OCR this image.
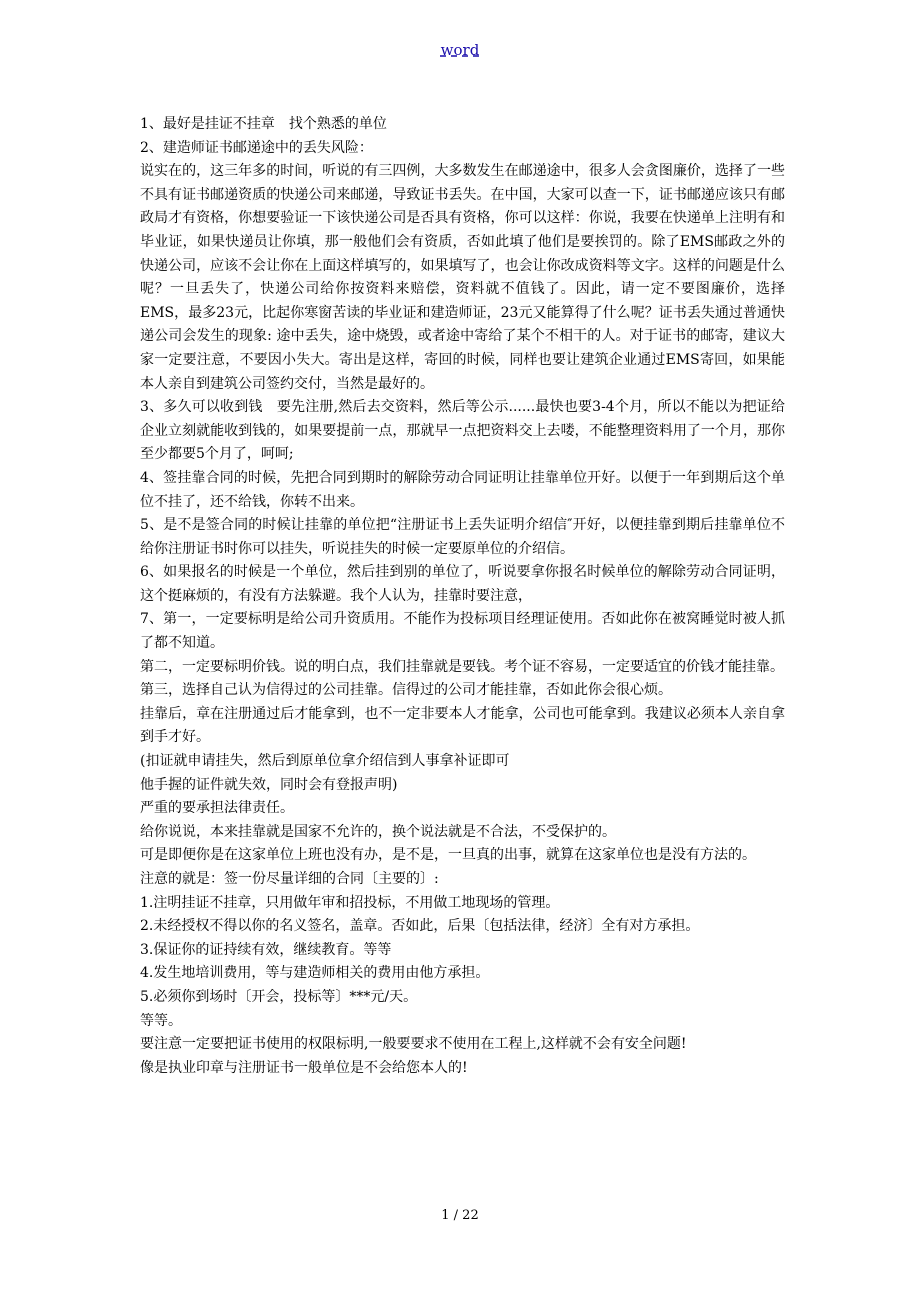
word

1、最好是挂证不挂章　找个熟悉的单位

2、建造师证书邮递途中的丢失风险：

说实在的，这三年多的时间，听说的有三四例，大多数发生在邮递途中，很多人会贪图廉价，选择了一些不具有证书邮递资质的快递公司来邮递，导致证书丢失。在中国，大家可以查一下，证书邮递应该只有邮政局才有资格，你想要验证一下该快递公司是否具有资格，你可以这样：你说，我要在快递单上注明有和毕业证，如果快递员让你填，那一般他们会有资质，否如此填了他们是要挨罚的。除了EMS邮政之外的快递公司，应该不会让你在上面这样填写的，如果填写了，也会让你改成资料等文字。这样的问题是什么呢？一旦丢失了，快递公司给你按资料来赔偿，资料就不值钱了。因此，请一定不要图廉价，选择EMS，最多23元，比起你寒窗苦读的毕业证和建造师证，23元又能算得了什么呢？证书丢失通过普通快递公司会发生的现象: 途中丢失，途中烧毁，或者途中寄给了某个不相干的人。对于证书的邮寄，建议大家一定要注意，不要因小失大。寄出是这样，寄回的时候，同样也要让建筑企业通过EMS寄回，如果能本人亲自到建筑公司签约交付，当然是最好的。

3、多久可以收到钱　要先注册,然后去交资料，然后等公示......最快也要3-4个月，所以不能以为把证给企业立刻就能收到钱的，如果要提前一点，那就早一点把资料交上去喽，不能整理资料用了一个月，那你至少都要5个月了，呵呵;

4、签挂靠合同的时候，先把合同到期时的解除劳动合同证明让挂靠单位开好。以便于一年到期后这个单位不挂了，还不给钱，你转不出来。

5、是不是签合同的时候让挂靠的单位把“注册证书上丢失证明介绍信″开好，以便挂靠到期后挂靠单位不给你注册证书时你可以挂失，听说挂失的时候一定要原单位的介绍信。

6、如果报名的时候是一个单位，然后挂到别的单位了，听说要拿你报名时候单位的解除劳动合同证明，这个挺麻烦的，有没有方法躲避。我个人认为，挂靠时要注意，

7、第一，一定要标明是给公司升资质用。不能作为投标项目经理证使用。否如此你在被窝睡觉时被人抓了都不知道。

第二，一定要标明价钱。说的明白点，我们挂靠就是要钱。考个证不容易，一定要适宜的价钱才能挂靠。

第三，选择自己认为信得过的公司挂靠。信得过的公司才能挂靠，否如此你会很心烦。

挂靠后，章在注册通过后才能拿到，也不一定非要本人才能拿，公司也可能拿到。我建议必须本人亲自拿到手才好。

(扣证就申请挂失，然后到原单位拿介绍信到人事拿补证即可

他手握的证件就失效，同时会有登报声明)

严重的要承担法律责任。

给你说说，本来挂靠就是国家不允许的，换个说法就是不合法，不受保护的。

可是即便你是在这家单位上班也没有办，是不是，一旦真的出事，就算在这家单位也是没有方法的。

注意的就是：签一份尽量详细的合同〔主要的〕:

1.注明挂证不挂章，只用做年审和招投标，不用做工地现场的管理。

2.未经授权不得以你的名义签名，盖章。否如此，后果〔包括法律，经济〕全有对方承担。

3.保证你的证持续有效，继续教育。等等

4.发生地培训费用，等与建造师相关的费用由他方承担。

5.必须你到场时〔开会，投标等〕***元/天。

等等。

要注意一定要把证书使用的权限标明,一般要要求不使用在工程上,这样就不会有安全问题!

像是执业印章与注册证书一般单位是不会给您本人的!

1 / 22
